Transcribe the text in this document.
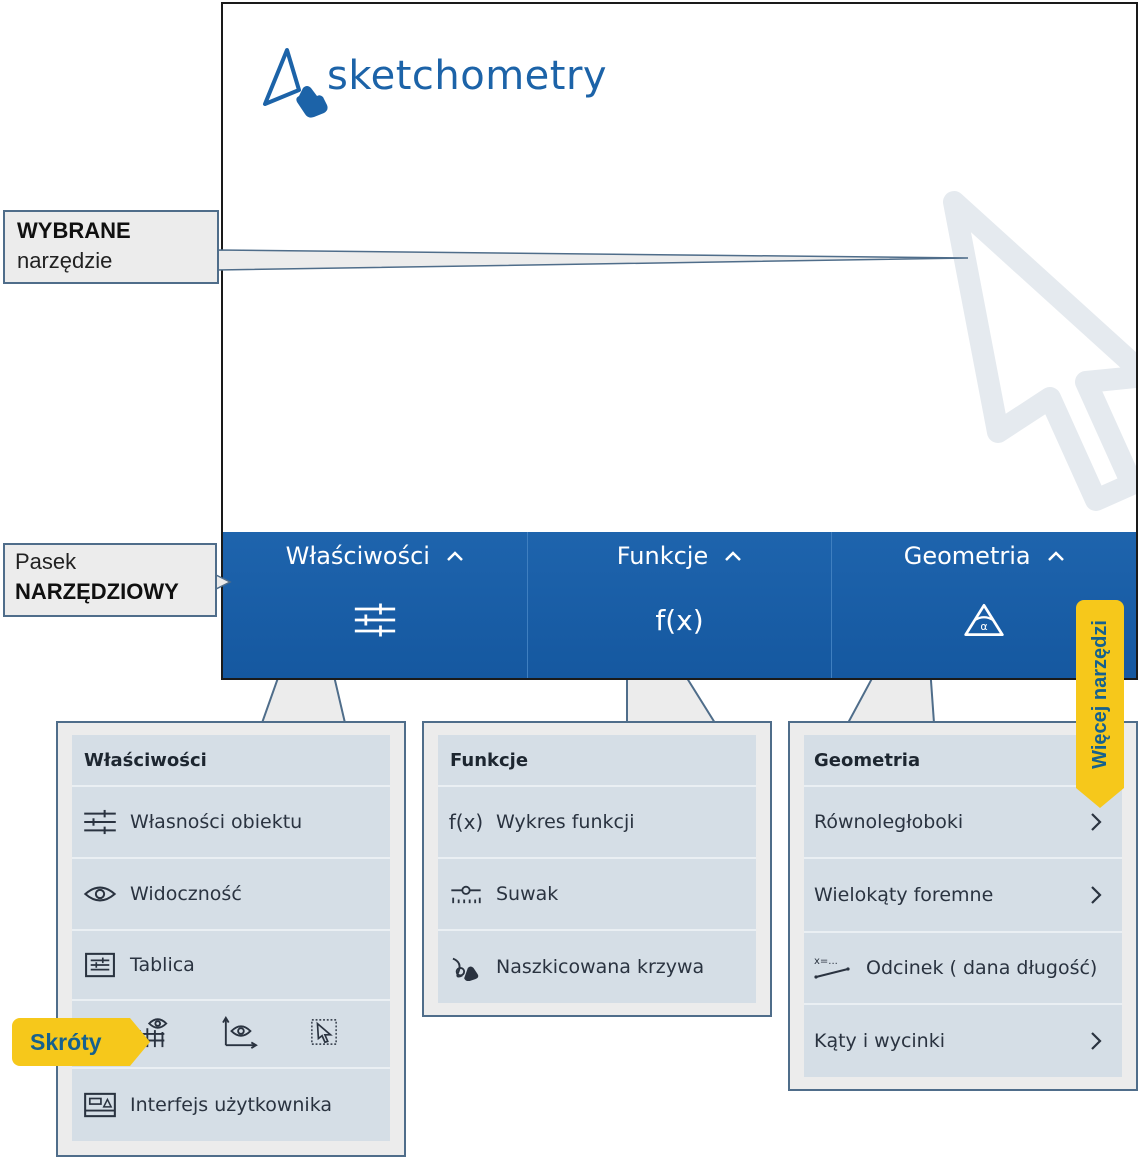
sketchometry
Właściwości	Funkcje
f(x)
Geometria
α
WYBRANE
narzędzie
Pasek
NARZĘDZIOWY
Właściwości
Własności obiektu
Widoczność
Tablica
Interfejs użytkownika
Funkcje
f(x) Wykres funkcji
Suwak
Naszkicowana krzywa
Geometria
Równoległoboki
Wielokąty foremne
x=... Odcinek ( dana długość)
Kąty i wycinki
Skróty
Więcej narzędzi
